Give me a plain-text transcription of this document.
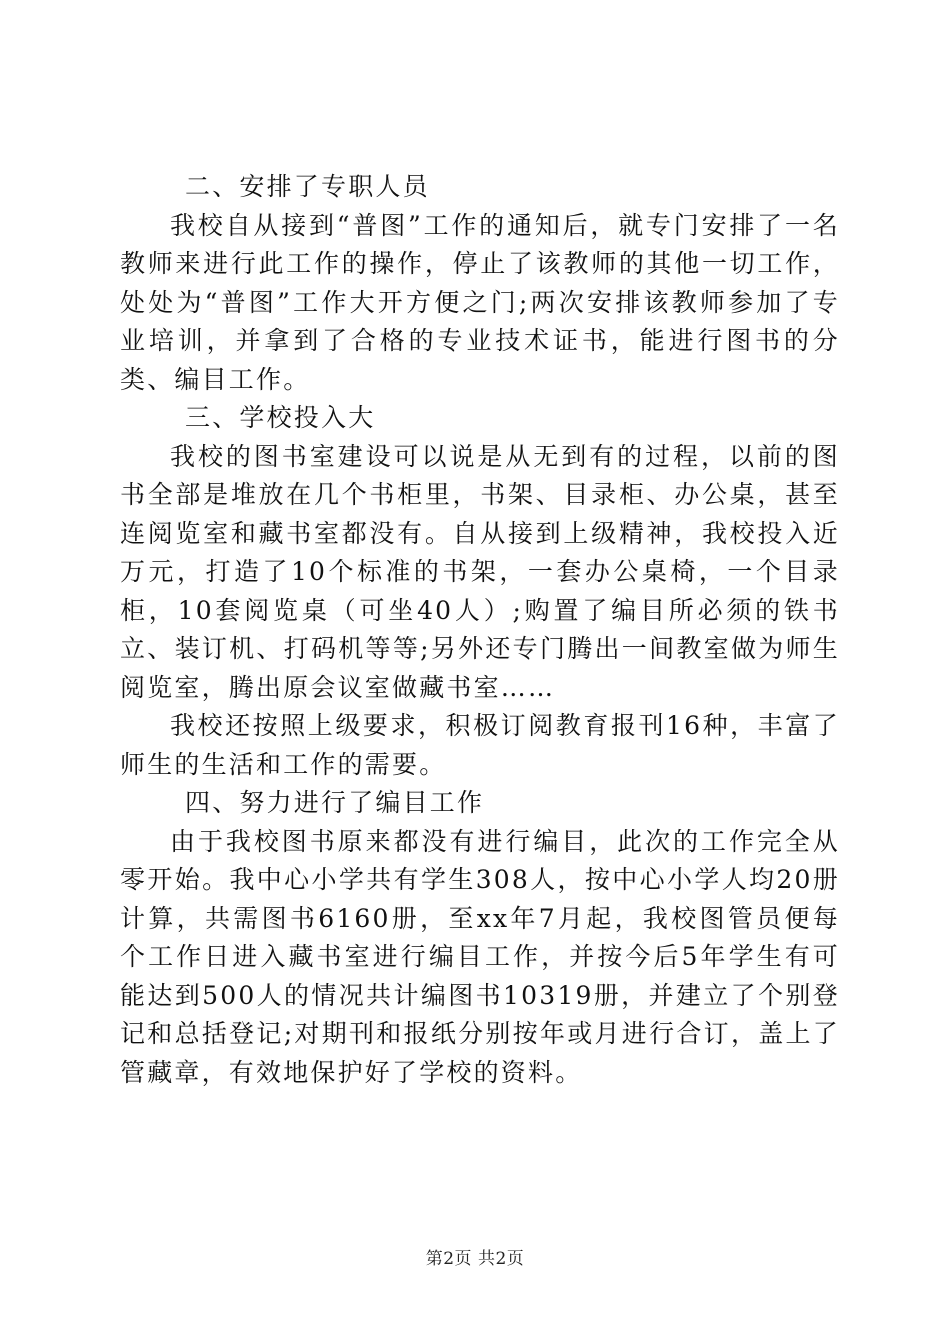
二、安排了专职人员

我校自从接到“普图”工作的通知后，就专门安排了一名教师来进行此工作的操作，停止了该教师的其他一切工作，处处为“普图”工作大开方便之门;两次安排该教师参加了专业培训，并拿到了合格的专业技术证书，能进行图书的分类、编目工作。

三、学校投入大

我校的图书室建设可以说是从无到有的过程，以前的图书全部是堆放在几个书柜里，书架、目录柜、办公桌，甚至连阅览室和藏书室都没有。自从接到上级精神，我校投入近万元，打造了10个标准的书架，一套办公桌椅，一个目录柜，10套阅览桌（可坐40人）;购置了编目所必须的铁书立、装订机、打码机等等;另外还专门腾出一间教室做为师生阅览室，腾出原会议室做藏书室……

我校还按照上级要求，积极订阅教育报刊16种，丰富了师生的生活和工作的需要。

四、努力进行了编目工作

由于我校图书原来都没有进行编目，此次的工作完全从零开始。我中心小学共有学生308人，按中心小学人均20册计算，共需图书6160册，至xx年7月起，我校图管员便每个工作日进入藏书室进行编目工作，并按今后5年学生有可能达到500人的情况共计编图书10319册，并建立了个别登记和总括登记;对期刊和报纸分别按年或月进行合订，盖上了管藏章，有效地保护好了学校的资料。

第2页 共2页
